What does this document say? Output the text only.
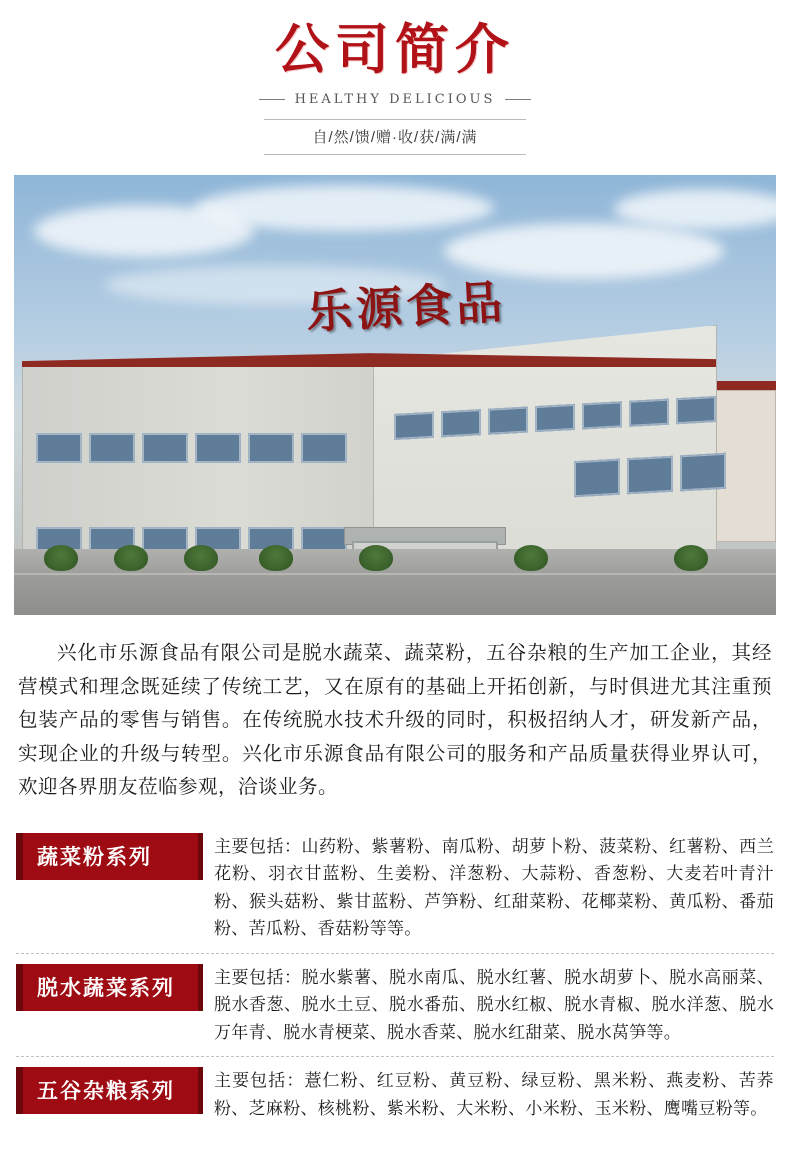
公司简介
HEALTHY DELICIOUS
自/然/馈/赠·收/获/满/满
乐源食品
兴化市乐源食品有限公司是脱水蔬菜、蔬菜粉，五谷杂粮的生产加工企业，其经营模式和理念既延续了传统工艺，又在原有的基础上开拓创新，与时俱进尤其注重预包装产品的零售与销售。在传统脱水技术升级的同时，积极招纳人才，研发新产品，实现企业的升级与转型。兴化市乐源食品有限公司的服务和产品质量获得业界认可，欢迎各界朋友莅临参观，洽谈业务。
蔬菜粉系列	主要包括：山药粉、紫薯粉、南瓜粉、胡萝卜粉、菠菜粉、红薯粉、西兰花粉、羽衣甘蓝粉、生姜粉、洋葱粉、大蒜粉、香葱粉、大麦若叶青汁粉、猴头菇粉、紫甘蓝粉、芦笋粉、红甜菜粉、花椰菜粉、黄瓜粉、番茄粉、苦瓜粉、香菇粉等等。
脱水蔬菜系列	主要包括：脱水紫薯、脱水南瓜、脱水红薯、脱水胡萝卜、脱水高丽菜、脱水香葱、脱水土豆、脱水番茄、脱水红椒、脱水青椒、脱水洋葱、脱水万年青、脱水青梗菜、脱水香菜、脱水红甜菜、脱水莴笋等。
五谷杂粮系列	主要包括：薏仁粉、红豆粉、黄豆粉、绿豆粉、黑米粉、燕麦粉、苦荞粉、芝麻粉、核桃粉、紫米粉、大米粉、小米粉、玉米粉、鹰嘴豆粉等。
